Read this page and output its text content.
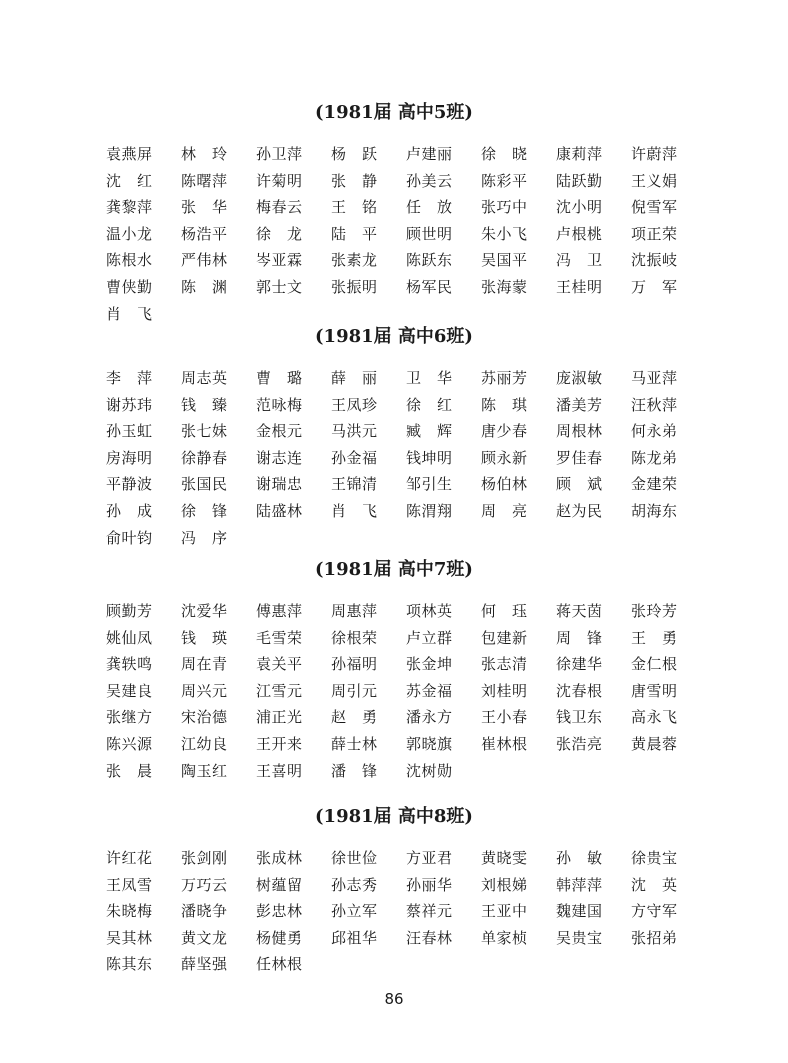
(1981届 高中5班)
袁燕屏	林　玲	孙卫萍	杨　跃	卢建丽	徐　晓	康莉萍	许蔚萍
沈　红	陈曙萍	许菊明	张　静	孙美云	陈彩平	陆跃勤	王义娟
龚黎萍	张　华	梅春云	王　铭	任　放	张巧中	沈小明	倪雪军
温小龙	杨浩平	徐　龙	陆　平	顾世明	朱小飞	卢根桃	项正荣
陈根水	严伟林	岑亚霖	张素龙	陈跃东	吴国平	冯　卫	沈振岐
曹侠勤	陈　渊	郭士文	张振明	杨军民	张海蒙	王桂明	万　军
肖　飞
(1981届 高中6班)
李　萍	周志英	曹　璐	薛　丽	卫　华	苏丽芳	庞淑敏	马亚萍
谢苏玮	钱　臻	范咏梅	王凤珍	徐　红	陈　琪	潘美芳	汪秋萍
孙玉虹	张七妹	金根元	马洪元	臧　辉	唐少春	周根林	何永弟
房海明	徐静春	谢志连	孙金福	钱坤明	顾永新	罗佳春	陈龙弟
平静波	张国民	谢瑞忠	王锦清	邹引生	杨伯林	顾　斌	金建荣
孙　成	徐　锋	陆盛林	肖　飞	陈渭翔	周　亮	赵为民	胡海东
俞叶钧	冯　序
(1981届 高中7班)
顾勤芳	沈爱华	傅惠萍	周惠萍	项林英	何　珏	蒋天茵	张玲芳
姚仙凤	钱　瑛	毛雪荣	徐根荣	卢立群	包建新	周　锋	王　勇
龚轶鸣	周在青	袁关平	孙福明	张金坤	张志清	徐建华	金仁根
吴建良	周兴元	江雪元	周引元	苏金福	刘桂明	沈春根	唐雪明
张继方	宋治德	浦正光	赵　勇	潘永方	王小春	钱卫东	高永飞
陈兴源	江幼良	王开来	薛士林	郭晓旗	崔林根	张浩亮	黄晨蓉
张　晨	陶玉红	王喜明	潘　锋	沈树勋
(1981届 高中8班)
许红花	张剑刚	张成林	徐世俭	方亚君	黄晓雯	孙　敏	徐贵宝
王凤雪	万巧云	树蕴留	孙志秀	孙丽华	刘根娣	韩萍萍	沈　英
朱晓梅	潘晓争	彭忠林	孙立军	蔡祥元	王亚中	魏建国	方守军
吴其林	黄文龙	杨健勇	邱祖华	汪春林	单家桢	吴贵宝	张招弟
陈其东	薛坚强	任林根
86
